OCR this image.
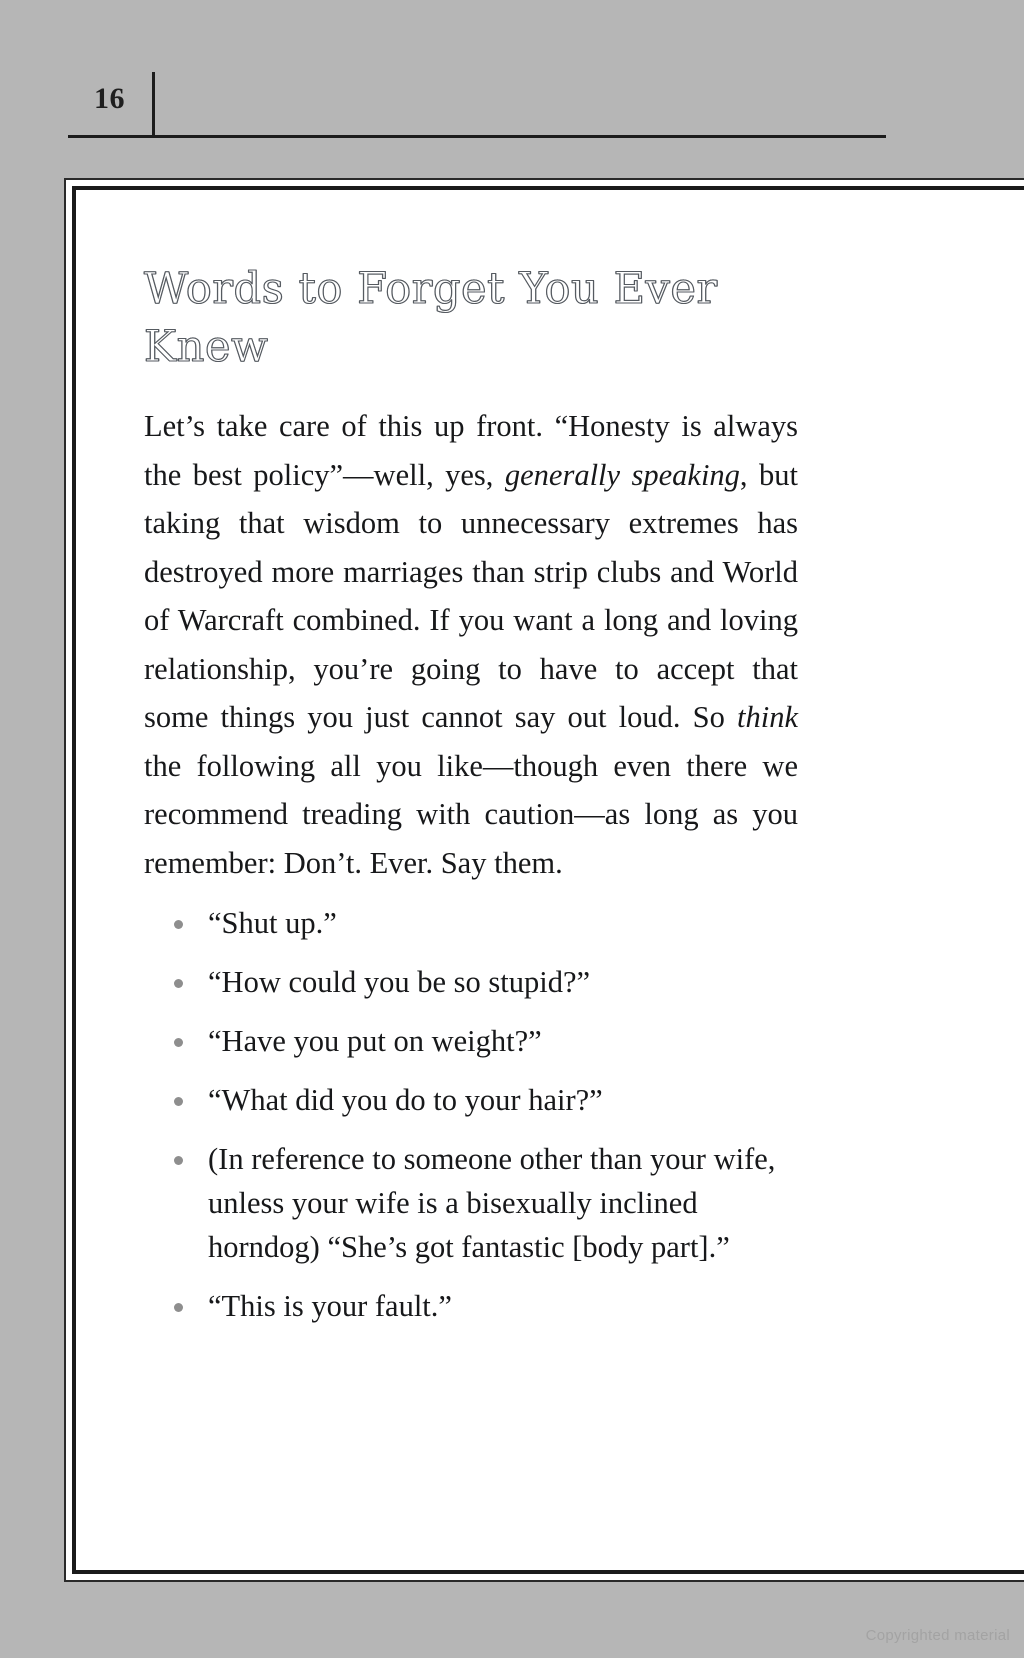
16
Words to Forget You Ever Knew

Let’s take care of this up front. “Honesty is always the best policy”—well, yes, generally speaking, but taking that wisdom to unnecessary extremes has destroyed more marriages than strip clubs and World of Warcraft combined. If you want a long and loving relationship, you’re going to have to accept that some things you just cannot say out loud. So think the following all you like—though even there we recommend treading with caution—as long as you remember: Don’t. Ever. Say them.

“Shut up.”
“How could you be so stupid?”
“Have you put on weight?”
“What did you do to your hair?”
(In reference to someone other than your wife, unless your wife is a bisexually inclined horndog) “She’s got fantastic [body part].”
“This is your fault.”
Copyrighted material
